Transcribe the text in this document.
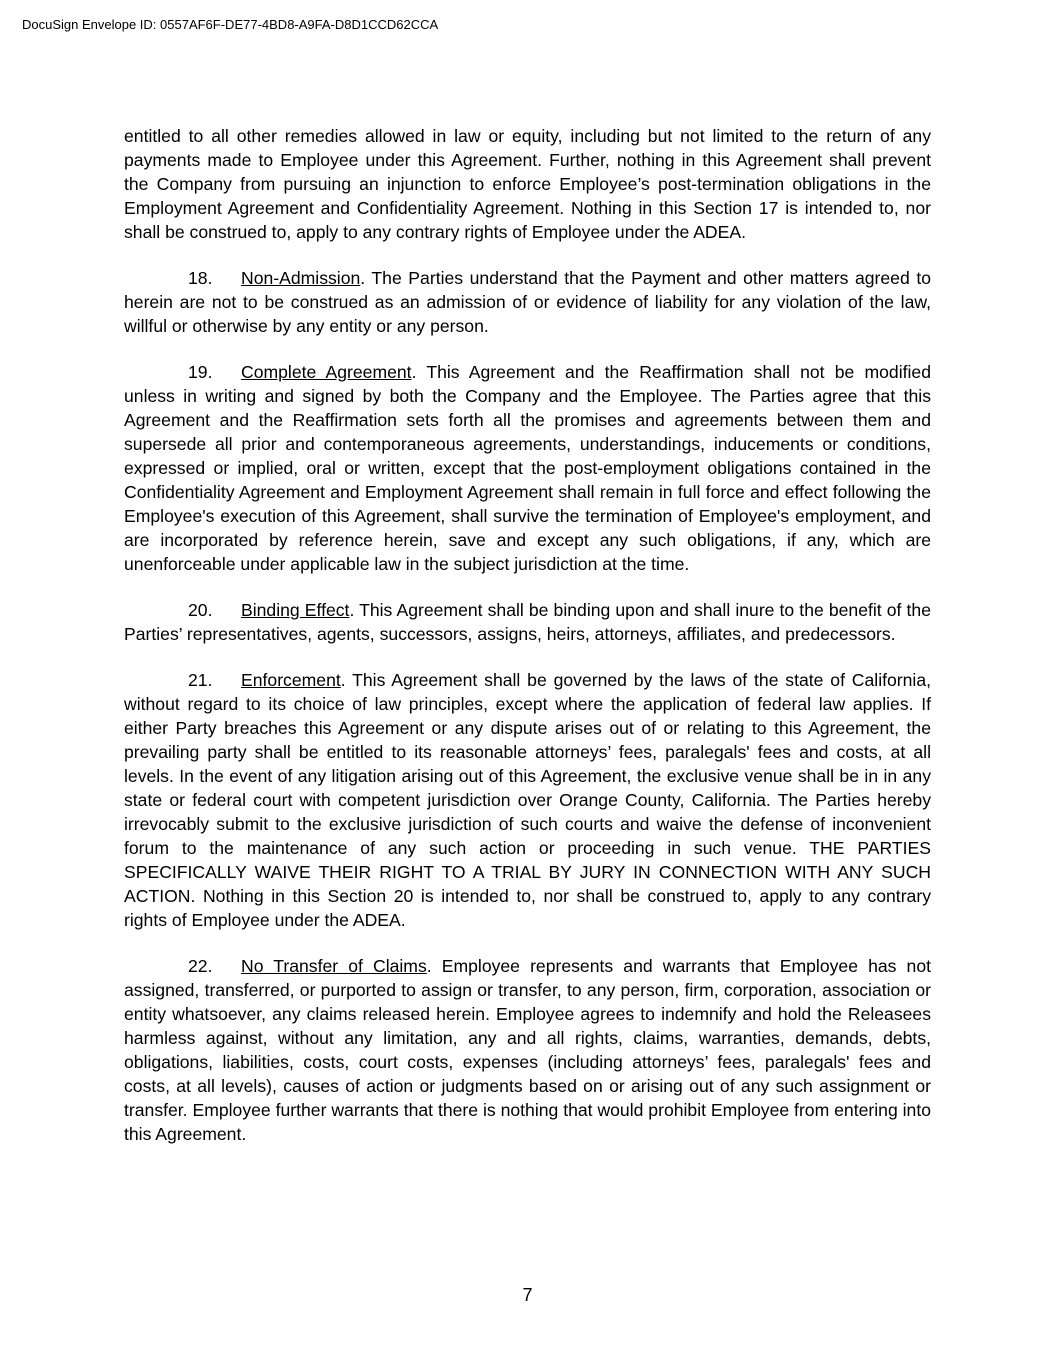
DocuSign Envelope ID: 0557AF6F-DE77-4BD8-A9FA-D8D1CCD62CCA

entitled to all other remedies allowed in law or equity, including but not limited to the return of any payments made to Employee under this Agreement. Further, nothing in this Agreement shall prevent the Company from pursuing an injunction to enforce Employee’s post-termination obligations in the Employment Agreement and Confidentiality Agreement. Nothing in this Section 17 is intended to, nor shall be construed to, apply to any contrary rights of Employee under the ADEA.

18. Non-Admission. The Parties understand that the Payment and other matters agreed to herein are not to be construed as an admission of or evidence of liability for any violation of the law, willful or otherwise by any entity or any person.

19. Complete Agreement. This Agreement and the Reaffirmation shall not be modified unless in writing and signed by both the Company and the Employee. The Parties agree that this Agreement and the Reaffirmation sets forth all the promises and agreements between them and supersede all prior and contemporaneous agreements, understandings, inducements or conditions, expressed or implied, oral or written, except that the post-employment obligations contained in the Confidentiality Agreement and Employment Agreement shall remain in full force and effect following the Employee's execution of this Agreement, shall survive the termination of Employee's employment, and are incorporated by reference herein, save and except any such obligations, if any, which are unenforceable under applicable law in the subject jurisdiction at the time.

20. Binding Effect. This Agreement shall be binding upon and shall inure to the benefit of the Parties’ representatives, agents, successors, assigns, heirs, attorneys, affiliates, and predecessors.

21. Enforcement. This Agreement shall be governed by the laws of the state of California, without regard to its choice of law principles, except where the application of federal law applies. If either Party breaches this Agreement or any dispute arises out of or relating to this Agreement, the prevailing party shall be entitled to its reasonable attorneys’ fees, paralegals' fees and costs, at all levels. In the event of any litigation arising out of this Agreement, the exclusive venue shall be in in any state or federal court with competent jurisdiction over Orange County, California. The Parties hereby irrevocably submit to the exclusive jurisdiction of such courts and waive the defense of inconvenient forum to the maintenance of any such action or proceeding in such venue. THE PARTIES SPECIFICALLY WAIVE THEIR RIGHT TO A TRIAL BY JURY IN CONNECTION WITH ANY SUCH ACTION. Nothing in this Section 20 is intended to, nor shall be construed to, apply to any contrary rights of Employee under the ADEA.

22. No Transfer of Claims. Employee represents and warrants that Employee has not assigned, transferred, or purported to assign or transfer, to any person, firm, corporation, association or entity whatsoever, any claims released herein. Employee agrees to indemnify and hold the Releasees harmless against, without any limitation, any and all rights, claims, warranties, demands, debts, obligations, liabilities, costs, court costs, expenses (including attorneys’ fees, paralegals' fees and costs, at all levels), causes of action or judgments based on or arising out of any such assignment or transfer. Employee further warrants that there is nothing that would prohibit Employee from entering into this Agreement.

7
